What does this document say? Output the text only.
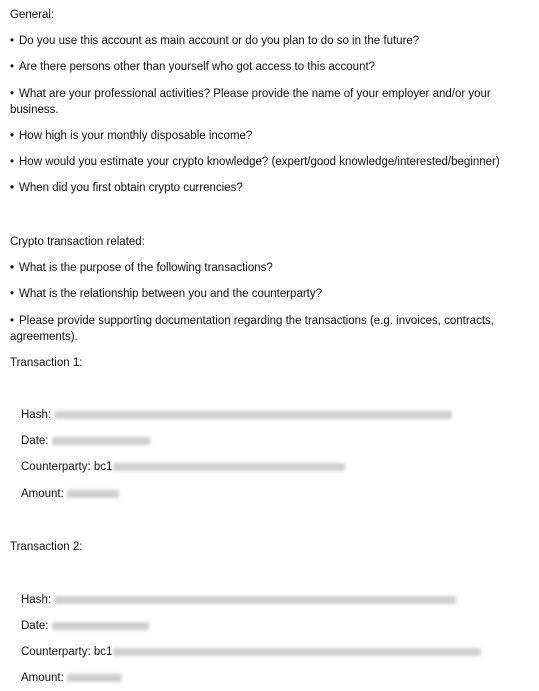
General:
• Do you use this account as main account or do you plan to do so in the future?
• Are there persons other than yourself who got access to this account?
• What are your professional activities? Please provide the name of your employer and/or your business.
• How high is your monthly disposable income?
• How would you estimate your crypto knowledge? (expert/good knowledge/interested/beginner)
• When did you first obtain crypto currencies?
Crypto transaction related:
• What is the purpose of the following transactions?
• What is the relationship between you and the counterparty?
• Please provide supporting documentation regarding the transactions (e.g. invoices, contracts, agreements).
Transaction 1:
Hash:
Date:
Counterparty: bc1
Amount:
Transaction 2:
Hash:
Date:
Counterparty: bc1
Amount:
